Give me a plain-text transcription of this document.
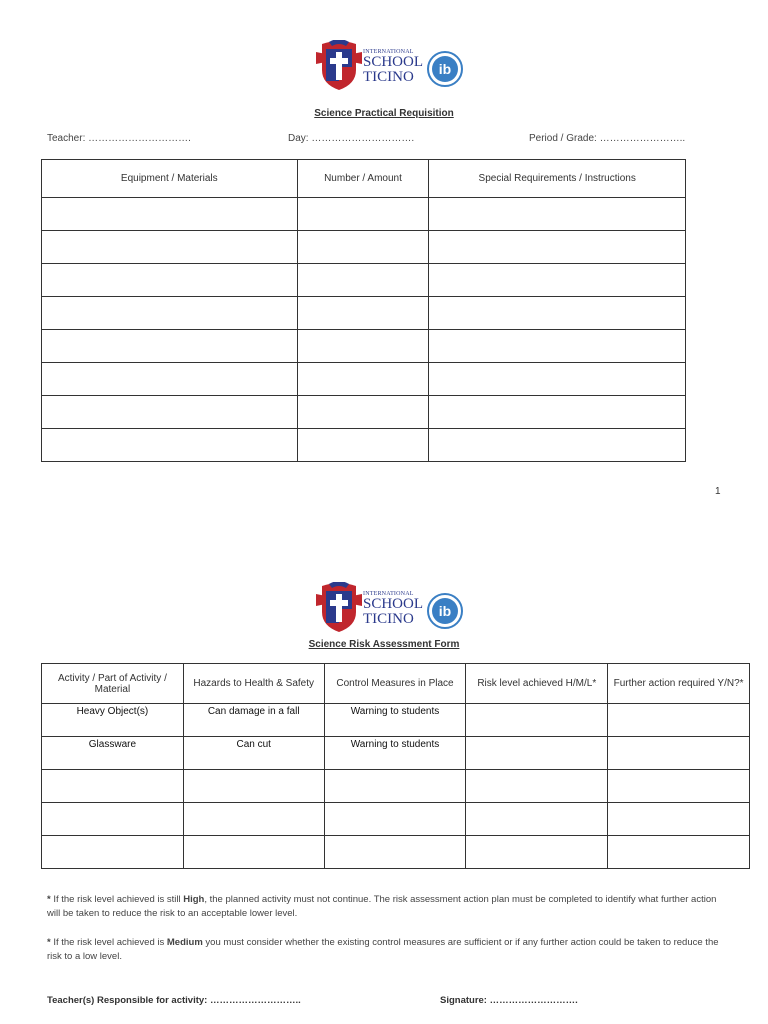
INTERNATIONAL
SCHOOL
TICINO	ib
Science Practical Requisition
Teacher: ………………………….	Day: ………………………….	Period / Grade: ……………………..
Equipment / Materials	Number / Amount	Special Requirements / Instructions

1
INTERNATIONAL
SCHOOL
TICINO	ib
Science Risk Assessment Form
Activity / Part of Activity / Material	Hazards to Health & Safety	Control Measures in Place	Risk level achieved H/M/L*	Further action required Y/N?*
Heavy Object(s)	Can damage in a fall	Warning to students		
Glassware	Can cut	Warning to students		

* If the risk level achieved is still High, the planned activity must not continue. The risk assessment action plan must be completed to identify what further action will be taken to reduce the risk to an acceptable lower level.
* If the risk level achieved is Medium you must consider whether the existing control measures are sufficient or if any further action could be taken to reduce the risk to a low level.
Teacher(s) Responsible for activity: ………………………..	Signature: ……………………….
